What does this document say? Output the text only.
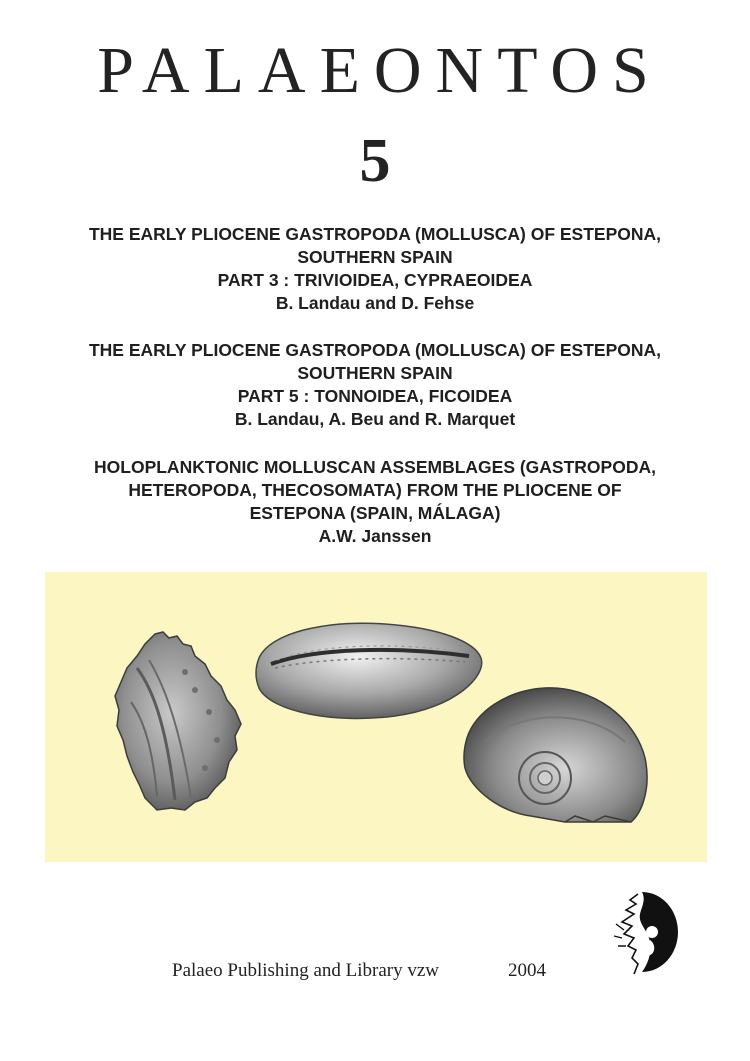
PALAEONTOS
5
THE EARLY PLIOCENE GASTROPODA (MOLLUSCA) OF ESTEPONA,
SOUTHERN SPAIN
PART 3 : TRIVIOIDEA, CYPRAEOIDEA
B. Landau and D. Fehse
THE EARLY PLIOCENE GASTROPODA (MOLLUSCA) OF ESTEPONA,
SOUTHERN SPAIN
PART 5 : TONNOIDEA, FICOIDEA
B. Landau, A. Beu and R. Marquet
HOLOPLANKTONIC MOLLUSCAN ASSEMBLAGES (GASTROPODA,
HETEROPODA, THECOSOMATA) FROM THE PLIOCENE OF
ESTEPONA (SPAIN, MÁLAGA)
A.W. Janssen
Palaeo Publishing and Library vzw	2004
